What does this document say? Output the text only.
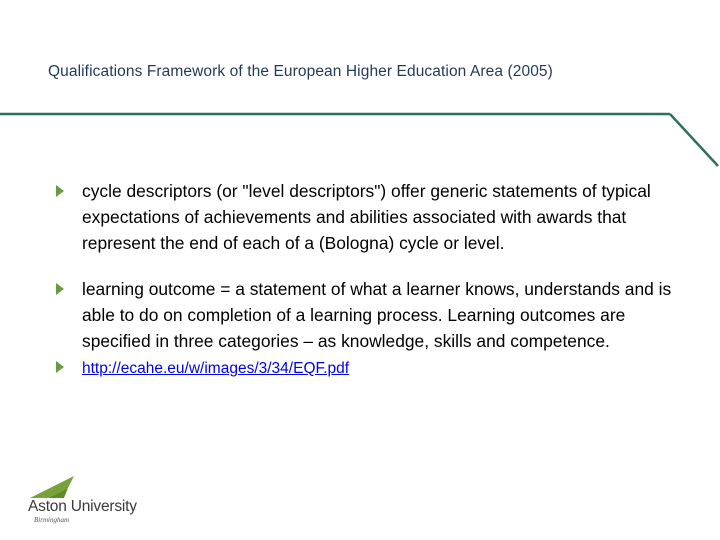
Qualifications Framework of the European Higher Education Area (2005)
cycle descriptors (or "level descriptors") offer generic statements of typical expectations of achievements and abilities associated with awards that represent the end of each of a (Bologna) cycle or level.
learning outcome = a statement of what a learner knows, understands and is able to do on completion of a learning process. Learning outcomes are specified in three categories – as knowledge, skills and competence.
http://ecahe.eu/w/images/3/34/EQF.pdf
Aston University
Birmingham
